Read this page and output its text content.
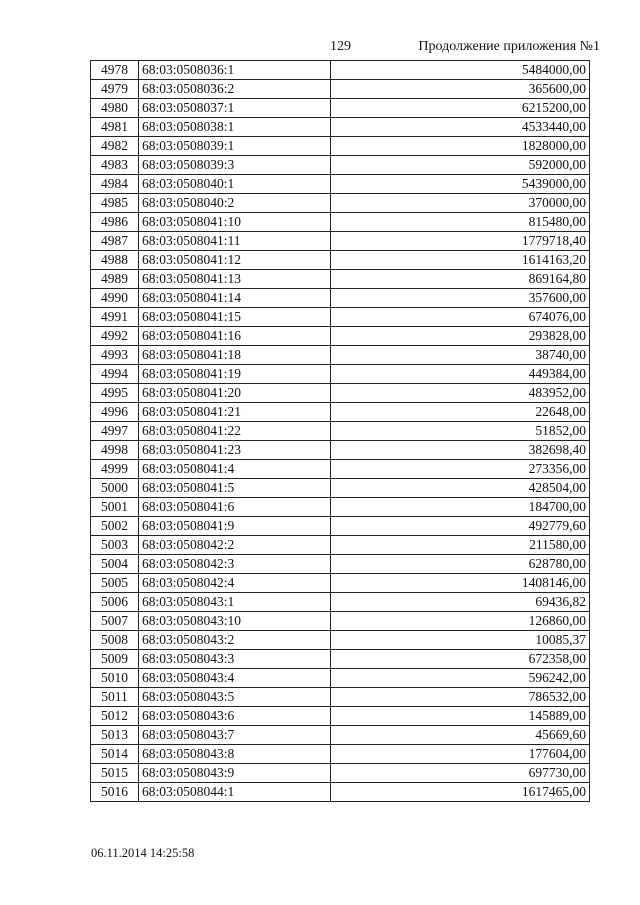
129	Продолжение приложения №1
4978	68:03:0508036:1	5484000,00
4979	68:03:0508036:2	365600,00
4980	68:03:0508037:1	6215200,00
4981	68:03:0508038:1	4533440,00
4982	68:03:0508039:1	1828000,00
4983	68:03:0508039:3	592000,00
4984	68:03:0508040:1	5439000,00
4985	68:03:0508040:2	370000,00
4986	68:03:0508041:10	815480,00
4987	68:03:0508041:11	1779718,40
4988	68:03:0508041:12	1614163,20
4989	68:03:0508041:13	869164,80
4990	68:03:0508041:14	357600,00
4991	68:03:0508041:15	674076,00
4992	68:03:0508041:16	293828,00
4993	68:03:0508041:18	38740,00
4994	68:03:0508041:19	449384,00
4995	68:03:0508041:20	483952,00
4996	68:03:0508041:21	22648,00
4997	68:03:0508041:22	51852,00
4998	68:03:0508041:23	382698,40
4999	68:03:0508041:4	273356,00
5000	68:03:0508041:5	428504,00
5001	68:03:0508041:6	184700,00
5002	68:03:0508041:9	492779,60
5003	68:03:0508042:2	211580,00
5004	68:03:0508042:3	628780,00
5005	68:03:0508042:4	1408146,00
5006	68:03:0508043:1	69436,82
5007	68:03:0508043:10	126860,00
5008	68:03:0508043:2	10085,37
5009	68:03:0508043:3	672358,00
5010	68:03:0508043:4	596242,00
5011	68:03:0508043:5	786532,00
5012	68:03:0508043:6	145889,00
5013	68:03:0508043:7	45669,60
5014	68:03:0508043:8	177604,00
5015	68:03:0508043:9	697730,00
5016	68:03:0508044:1	1617465,00
06.11.2014 14:25:58
